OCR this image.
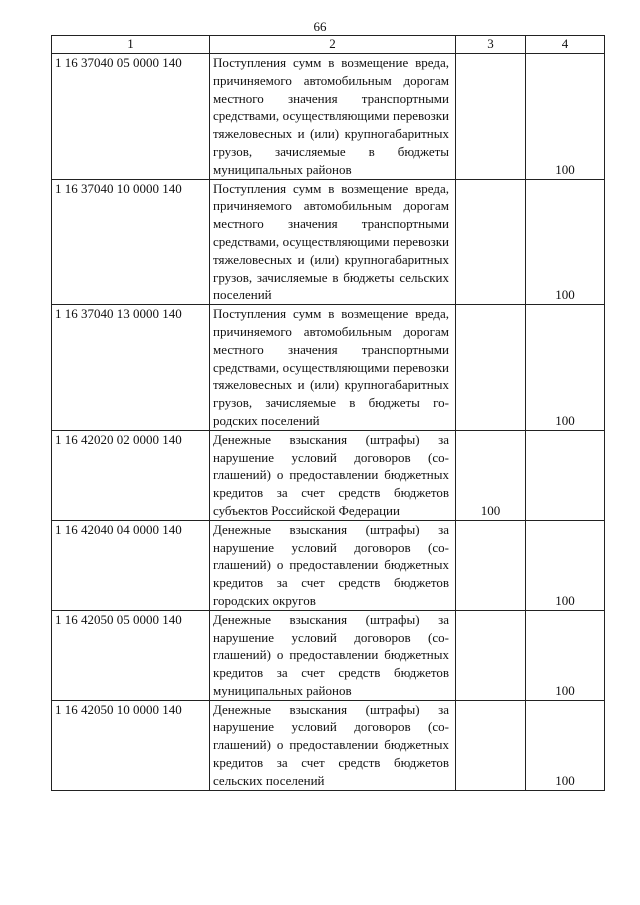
66
1	2	3	4
1 16 37040 05 0000 140	Поступления сумм в возмещение вреда, причиняемого автомобильным дорогам местного значения транспортными средствами, осуществляющими перевозки тяжеловесных и (или) крупногабаритных грузов, зачисляемые в бюджеты муниципальных районов		100

1 16 37040 10 0000 140	Поступления сумм в возмещение вреда, причиняемого автомобильным дорогам местного значения транспортными средствами, осуществляющими перевозки тяжеловесных и (или) крупногабаритных грузов, зачисляемые в бюджеты сельских поселений		100

1 16 37040 13 0000 140	Поступления сумм в возмещение вреда, причиняемого автомобильным дорогам местного значения транспортными средствами, осуществляющими перевозки тяжеловесных и (или) крупногабаритных грузов, зачисляемые в бюджеты городских поселений		100

1 16 42020 02 0000 140	Денежные взыскания (штрафы) за нарушение условий договоров (соглашений) о предоставлении бюджетных кредитов за счет средств бюджетов субъектов Российской Федерации	100	

1 16 42040 04 0000 140	Денежные взыскания (штрафы) за нарушение условий договоров (соглашений) о предоставлении бюджетных кредитов за счет средств бюджетов городских округов		100

1 16 42050 05 0000 140	Денежные взыскания (штрафы) за нарушение условий договоров (соглашений) о предоставлении бюджетных кредитов за счет средств бюджетов муниципальных районов		100

1 16 42050 10 0000 140	Денежные взыскания (штрафы) за нарушение условий договоров (соглашений) о предоставлении бюджетных кредитов за счет средств бюджетов сельских поселений		100
